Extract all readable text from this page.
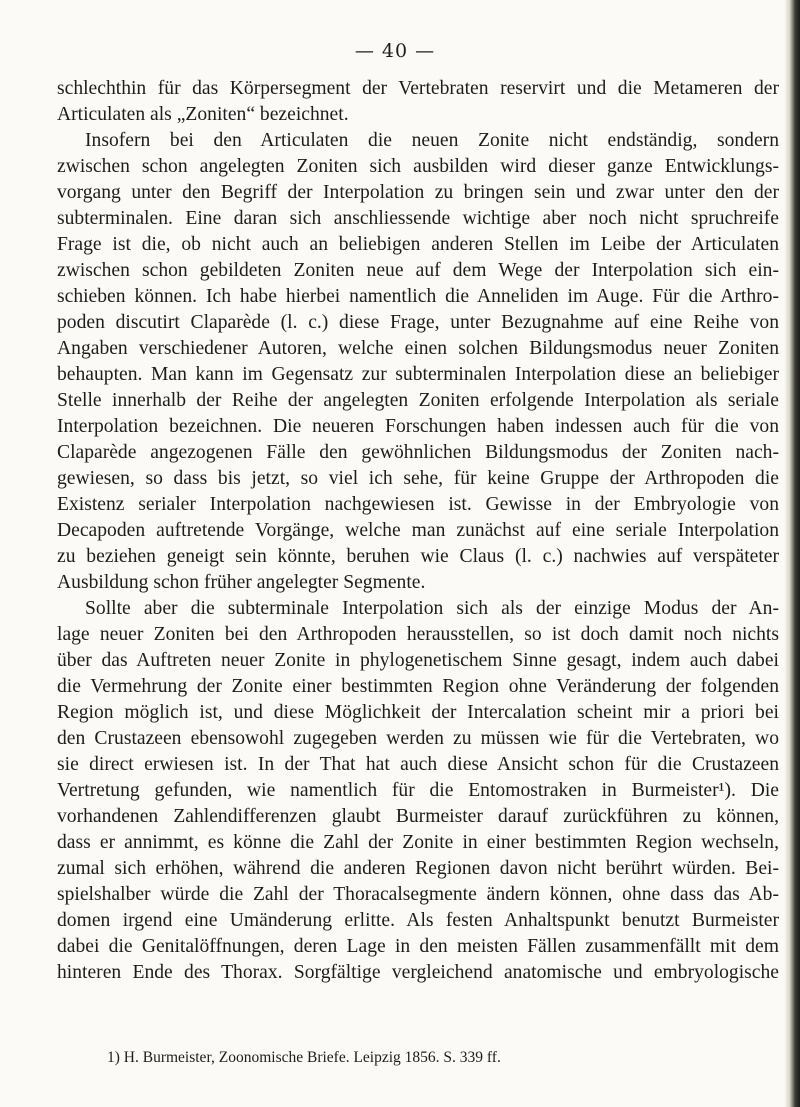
— 40 —
schlechthin für das Körpersegment der Vertebraten reservirt und die Metameren der
Articulaten als „Zoniten“ bezeichnet.
Insofern bei den Articulaten die neuen Zonite nicht endständig, sondern
zwischen schon angelegten Zoniten sich ausbilden wird dieser ganze Entwicklungs-
vorgang unter den Begriff der Interpolation zu bringen sein und zwar unter den der
subterminalen. Eine daran sich anschliessende wichtige aber noch nicht spruchreife
Frage ist die, ob nicht auch an beliebigen anderen Stellen im Leibe der Articulaten
zwischen schon gebildeten Zoniten neue auf dem Wege der Interpolation sich ein-
schieben können. Ich habe hierbei namentlich die Anneliden im Auge. Für die Arthro-
poden discutirt Claparède (l. c.) diese Frage, unter Bezugnahme auf eine Reihe von
Angaben verschiedener Autoren, welche einen solchen Bildungsmodus neuer Zoniten
behaupten. Man kann im Gegensatz zur subterminalen Interpolation diese an beliebiger
Stelle innerhalb der Reihe der angelegten Zoniten erfolgende Interpolation als seriale
Interpolation bezeichnen. Die neueren Forschungen haben indessen auch für die von
Claparède angezogenen Fälle den gewöhnlichen Bildungsmodus der Zoniten nach-
gewiesen, so dass bis jetzt, so viel ich sehe, für keine Gruppe der Arthropoden die
Existenz serialer Interpolation nachgewiesen ist. Gewisse in der Embryologie von
Decapoden auftretende Vorgänge, welche man zunächst auf eine seriale Interpolation
zu beziehen geneigt sein könnte, beruhen wie Claus (l. c.) nachwies auf verspäteter
Ausbildung schon früher angelegter Segmente.
Sollte aber die subterminale Interpolation sich als der einzige Modus der An-
lage neuer Zoniten bei den Arthropoden herausstellen, so ist doch damit noch nichts
über das Auftreten neuer Zonite in phylogenetischem Sinne gesagt, indem auch dabei
die Vermehrung der Zonite einer bestimmten Region ohne Veränderung der folgenden
Region möglich ist, und diese Möglichkeit der Intercalation scheint mir a priori bei
den Crustazeen ebensowohl zugegeben werden zu müssen wie für die Vertebraten, wo
sie direct erwiesen ist. In der That hat auch diese Ansicht schon für die Crustazeen
Vertretung gefunden, wie namentlich für die Entomostraken in Burmeister¹). Die
vorhandenen Zahlendifferenzen glaubt Burmeister darauf zurückführen zu können,
dass er annimmt, es könne die Zahl der Zonite in einer bestimmten Region wechseln,
zumal sich erhöhen, während die anderen Regionen davon nicht berührt würden. Bei-
spielshalber würde die Zahl der Thoracalsegmente ändern können, ohne dass das Ab-
domen irgend eine Umänderung erlitte. Als festen Anhaltspunkt benutzt Burmeister
dabei die Genitalöffnungen, deren Lage in den meisten Fällen zusammenfällt mit dem
hinteren Ende des Thorax. Sorgfältige vergleichend anatomische und embryologische
1) H. Burmeister, Zoonomische Briefe. Leipzig 1856. S. 339 ff.
